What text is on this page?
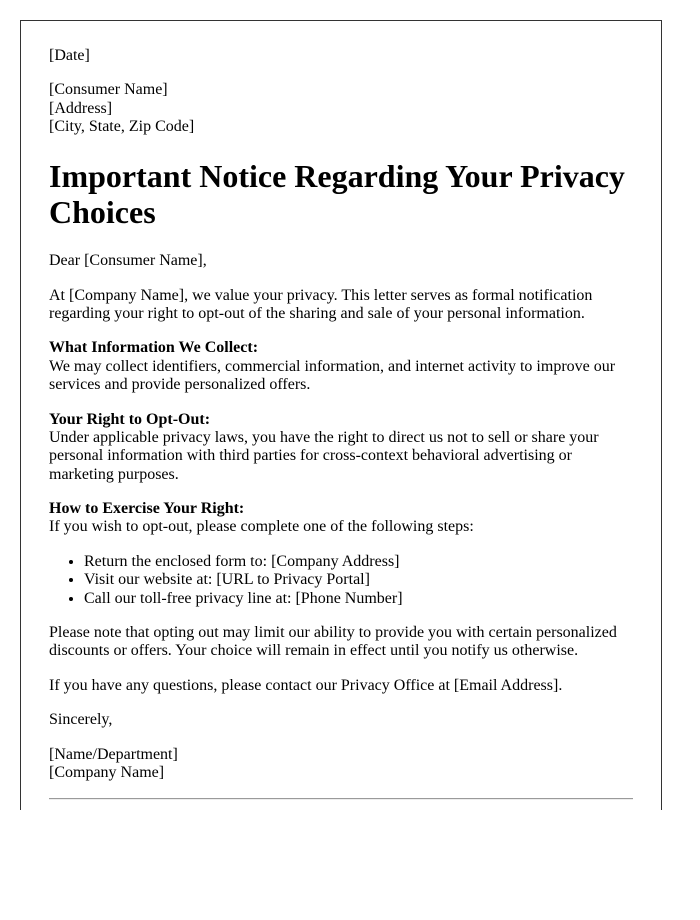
[Date]

[Consumer Name]
[Address]
[City, State, Zip Code]

Important Notice Regarding Your Privacy Choices

Dear [Consumer Name],

At [Company Name], we value your privacy. This letter serves as formal notification regarding your right to opt-out of the sharing and sale of your personal information.

What Information We Collect:
We may collect identifiers, commercial information, and internet activity to improve our services and provide personalized offers.

Your Right to Opt-Out:
Under applicable privacy laws, you have the right to direct us not to sell or share your personal information with third parties for cross-context behavioral advertising or marketing purposes.

How to Exercise Your Right:
If you wish to opt-out, please complete one of the following steps:

• Return the enclosed form to: [Company Address]
• Visit our website at: [URL to Privacy Portal]
• Call our toll-free privacy line at: [Phone Number]

Please note that opting out may limit our ability to provide you with certain personalized discounts or offers. Your choice will remain in effect until you notify us otherwise.

If you have any questions, please contact our Privacy Office at [Email Address].

Sincerely,

[Name/Department]
[Company Name]
